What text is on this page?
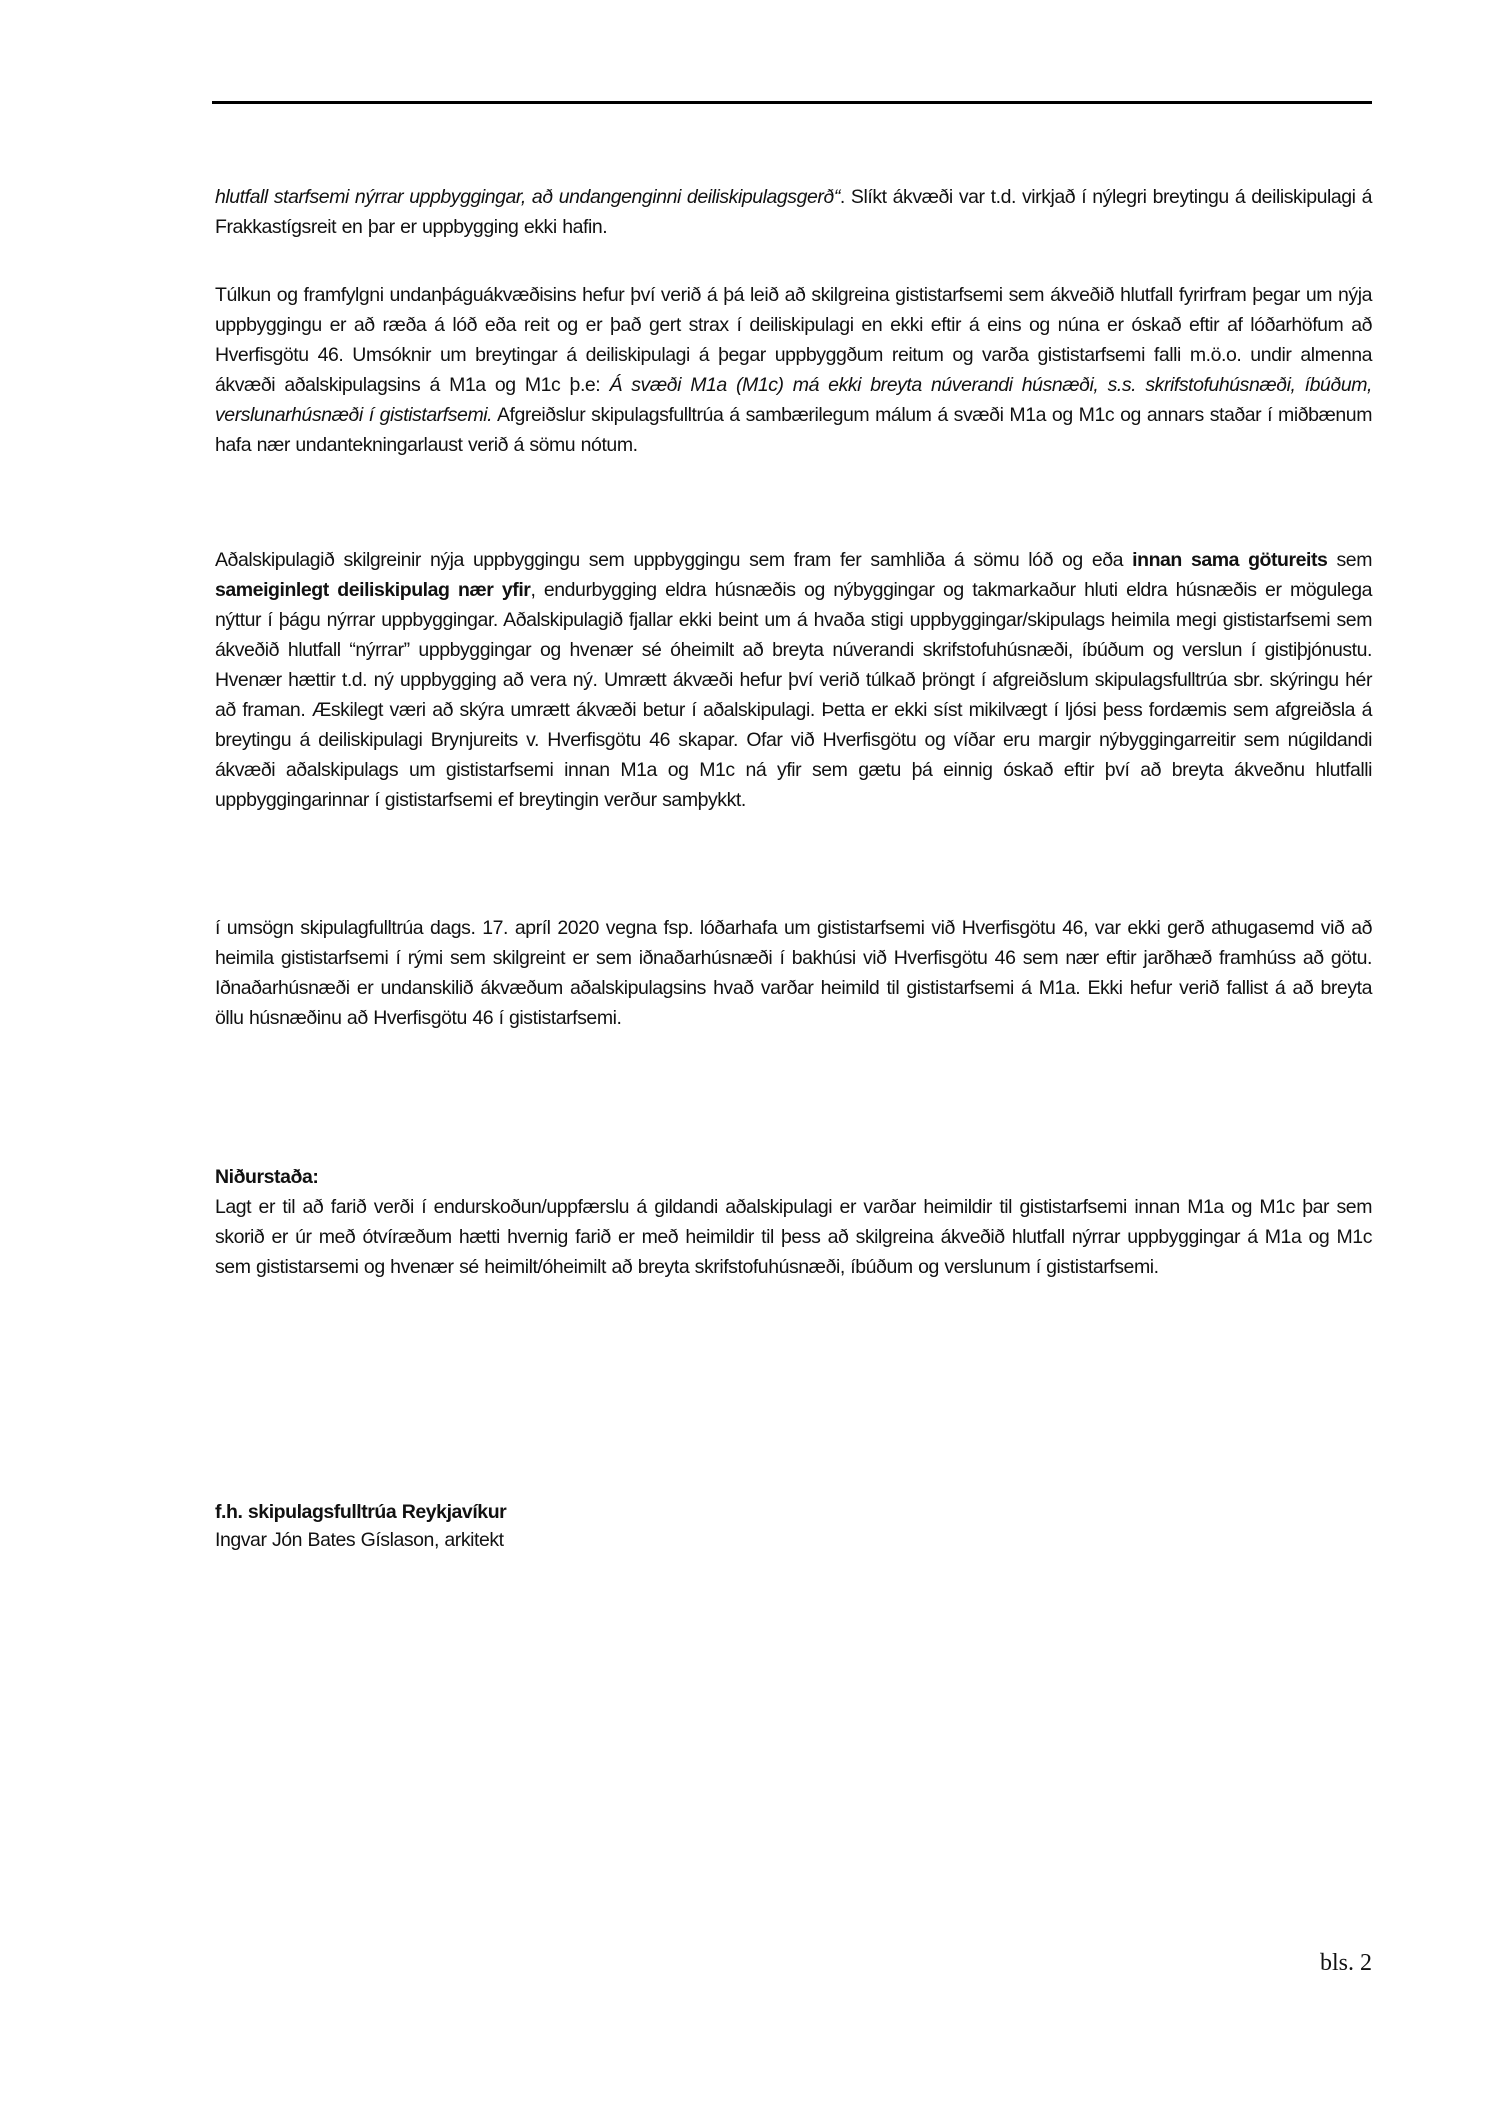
hlutfall starfsemi nýrrar uppbyggingar, að undangenginni deiliskipulagsgerð“. Slíkt ákvæði var t.d. virkjað í nýlegri breytingu á deiliskipulagi á Frakkastígsreit en þar er uppbygging ekki hafin.
Túlkun og framfylgni undanþáguákvæðisins hefur því verið á þá leið að skilgreina gististarfsemi sem ákveðið hlutfall fyrirfram þegar um nýja uppbyggingu er að ræða á lóð eða reit og er það gert strax í deiliskipulagi en ekki eftir á eins og núna er óskað eftir af lóðarhöfum að Hverfisgötu 46. Umsóknir um breytingar á deiliskipulagi á þegar uppbyggðum reitum og varða gististarfsemi falli m.ö.o. undir almenna ákvæði aðalskipulagsins á M1a og M1c þ.e: Á svæði M1a (M1c) má ekki breyta núverandi húsnæði, s.s. skrifstofuhúsnæði, íbúðum, verslunarhúsnæði í gististarfsemi. Afgreiðslur skipulagsfulltrúa á sambærilegum málum á svæði M1a og M1c og annars staðar í miðbænum hafa nær undantekningarlaust verið á sömu nótum.
Aðalskipulagið skilgreinir nýja uppbyggingu sem uppbyggingu sem fram fer samhliða á sömu lóð og eða innan sama götureits sem sameiginlegt deiliskipulag nær yfir, endurbygging eldra húsnæðis og nýbyggingar og takmarkaður hluti eldra húsnæðis er mögulega nýttur í þágu nýrrar uppbyggingar. Aðalskipulagið fjallar ekki beint um á hvaða stigi uppbyggingar/skipulags heimila megi gististarfsemi sem ákveðið hlutfall “nýrrar” uppbyggingar og hvenær sé óheimilt að breyta núverandi skrifstofuhúsnæði, íbúðum og verslun í gistiþjónustu. Hvenær hættir t.d. ný uppbygging að vera ný. Umrætt ákvæði hefur því verið túlkað þröngt í afgreiðslum skipulagsfulltrúa sbr. skýringu hér að framan. Æskilegt væri að skýra umrætt ákvæði betur í aðalskipulagi. Þetta er ekki síst mikilvægt í ljósi þess fordæmis sem afgreiðsla á breytingu á deiliskipulagi Brynjureits v. Hverfisgötu 46 skapar. Ofar við Hverfisgötu og víðar eru margir nýbyggingarreitir sem núgildandi ákvæði aðalskipulags um gististarfsemi innan M1a og M1c ná yfir sem gætu þá einnig óskað eftir því að breyta ákveðnu hlutfalli uppbyggingarinnar í gististarfsemi ef breytingin verður samþykkt.
í umsögn skipulagfulltrúa dags. 17. apríl 2020 vegna fsp. lóðarhafa um gististarfsemi við Hverfisgötu 46, var ekki gerð athugasemd við að heimila gististarfsemi í rými sem skilgreint er sem iðnaðarhúsnæði í bakhúsi við Hverfisgötu 46 sem nær eftir jarðhæð framhúss að götu. Iðnaðarhúsnæði er undanskilið ákvæðum aðalskipulagsins hvað varðar heimild til gististarfsemi á M1a. Ekki hefur verið fallist á að breyta öllu húsnæðinu að Hverfisgötu 46 í gististarfsemi.
Niðurstaða:
Lagt er til að farið verði í endurskoðun/uppfærslu á gildandi aðalskipulagi er varðar heimildir til gististarfsemi innan M1a og M1c þar sem skorið er úr með ótvíræðum hætti hvernig farið er með heimildir til þess að skilgreina ákveðið hlutfall nýrrar uppbyggingar á M1a og M1c sem gististarsemi og hvenær sé heimilt/óheimilt að breyta skrifstofuhúsnæði, íbúðum og verslunum í gististarfsemi.
f.h. skipulagsfulltrúa Reykjavíkur
Ingvar Jón Bates Gíslason, arkitekt
bls. 2
